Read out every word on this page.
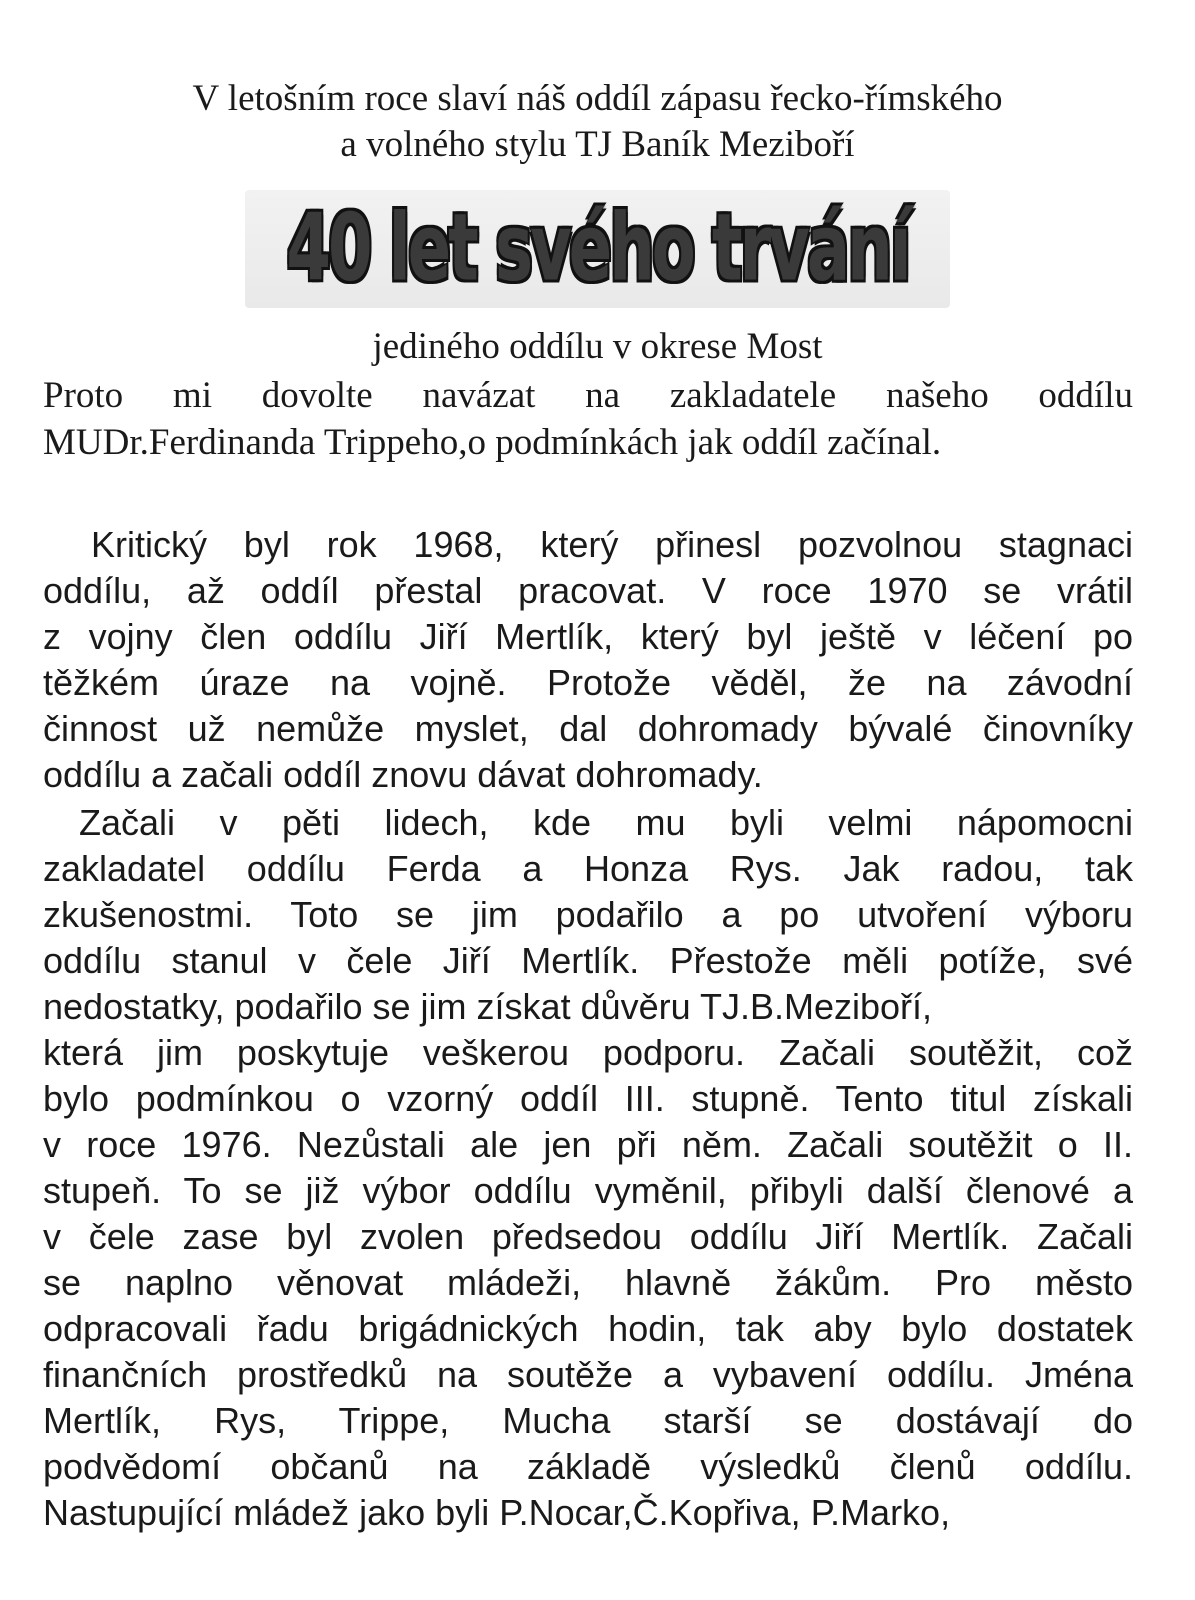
V letošním roce slaví náš oddíl zápasu řecko-římského
a volného stylu TJ Baník Meziboří
40 let svého trvání
jediného oddílu v okrese Most
Proto mi dovolte navázat na zakladatele našeho oddílu
MUDr.Ferdinanda Trippeho,o podmínkách jak oddíl začínal.
Kritický byl rok 1968, který přinesl pozvolnou stagnaci
oddílu, až oddíl přestal pracovat. V roce 1970 se vrátil
z vojny člen oddílu Jiří Mertlík, který byl ještě v léčení po
těžkém úraze na vojně. Protože věděl, že na závodní
činnost už nemůže myslet, dal dohromady bývalé činovníky
oddílu a začali oddíl znovu dávat dohromady.
Začali v pěti lidech, kde mu byli velmi nápomocni
zakladatel oddílu Ferda a Honza Rys. Jak radou, tak
zkušenostmi. Toto se jim podařilo a po utvoření výboru
oddílu stanul v čele Jiří Mertlík. Přestože měli potíže, své
nedostatky, podařilo se jim získat důvěru TJ.B.Meziboří,
která jim poskytuje veškerou podporu. Začali soutěžit, což
bylo podmínkou o vzorný oddíl III. stupně. Tento titul získali
v roce 1976. Nezůstali ale jen při něm. Začali soutěžit o II.
stupeň. To se již výbor oddílu vyměnil, přibyli další členové a
v čele zase byl zvolen předsedou oddílu Jiří Mertlík. Začali
se naplno věnovat mládeži, hlavně žákům. Pro město
odpracovali řadu brigádnických hodin, tak aby bylo dostatek
finančních prostředků na soutěže a vybavení oddílu. Jména
Mertlík, Rys, Trippe, Mucha starší se dostávají do
podvědomí občanů na základě výsledků členů oddílu.
Nastupující mládež jako byli P.Nocar,Č.Kopřiva, P.Marko,
